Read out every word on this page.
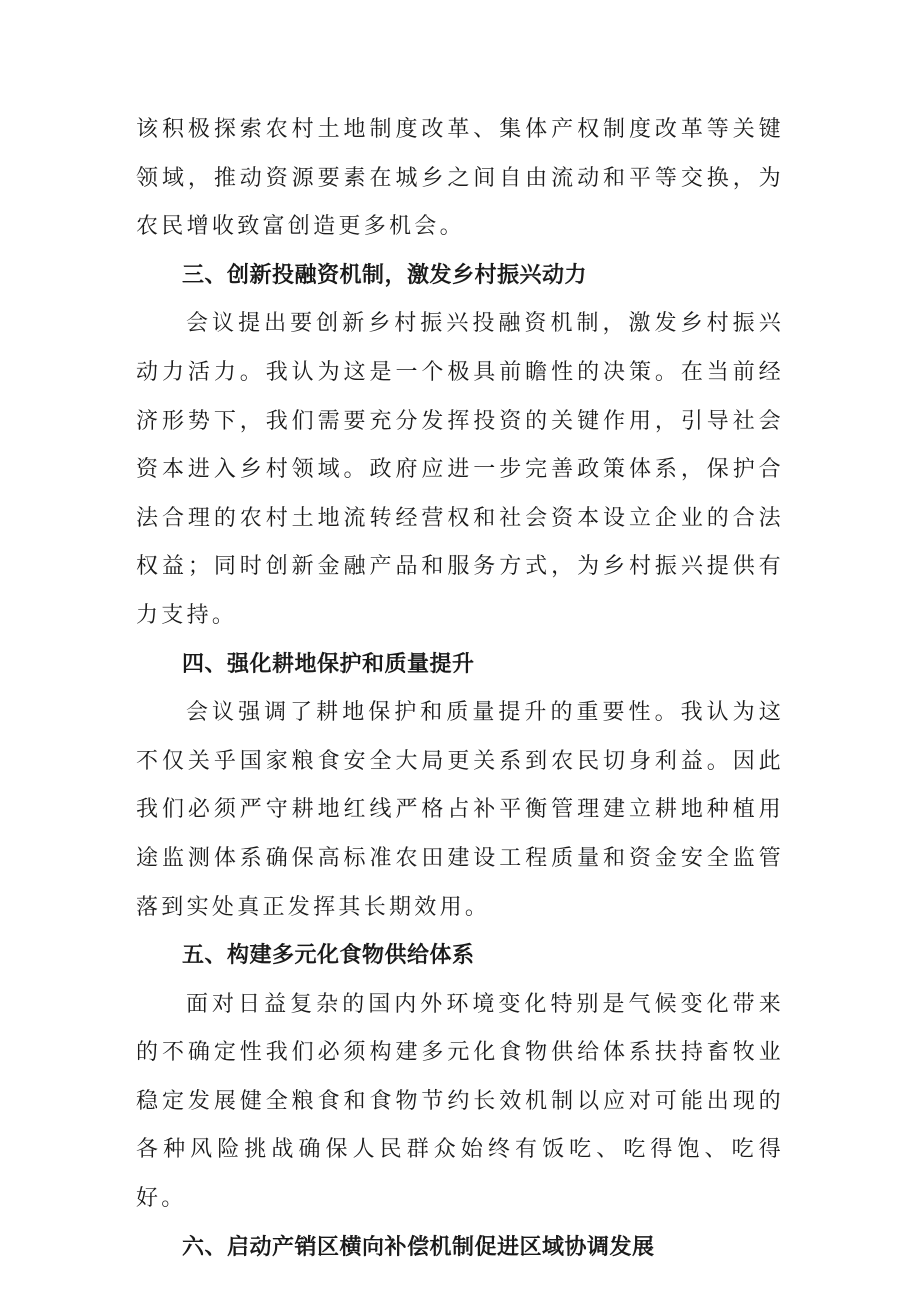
该积极探索农村土地制度改革、集体产权制度改革等关键领域，推动资源要素在城乡之间自由流动和平等交换，为农民增收致富创造更多机会。

三、创新投融资机制，激发乡村振兴动力

会议提出要创新乡村振兴投融资机制，激发乡村振兴动力活力。我认为这是一个极具前瞻性的决策。在当前经济形势下，我们需要充分发挥投资的关键作用，引导社会资本进入乡村领域。政府应进一步完善政策体系，保护合法合理的农村土地流转经营权和社会资本设立企业的合法权益；同时创新金融产品和服务方式，为乡村振兴提供有力支持。

四、强化耕地保护和质量提升

会议强调了耕地保护和质量提升的重要性。我认为这不仅关乎国家粮食安全大局更关系到农民切身利益。因此我们必须严守耕地红线严格占补平衡管理建立耕地种植用途监测体系确保高标准农田建设工程质量和资金安全监管落到实处真正发挥其长期效用。

五、构建多元化食物供给体系

面对日益复杂的国内外环境变化特别是气候变化带来的不确定性我们必须构建多元化食物供给体系扶持畜牧业稳定发展健全粮食和食物节约长效机制以应对可能出现的各种风险挑战确保人民群众始终有饭吃、吃得饱、吃得好。

六、启动产销区横向补偿机制促进区域协调发展
